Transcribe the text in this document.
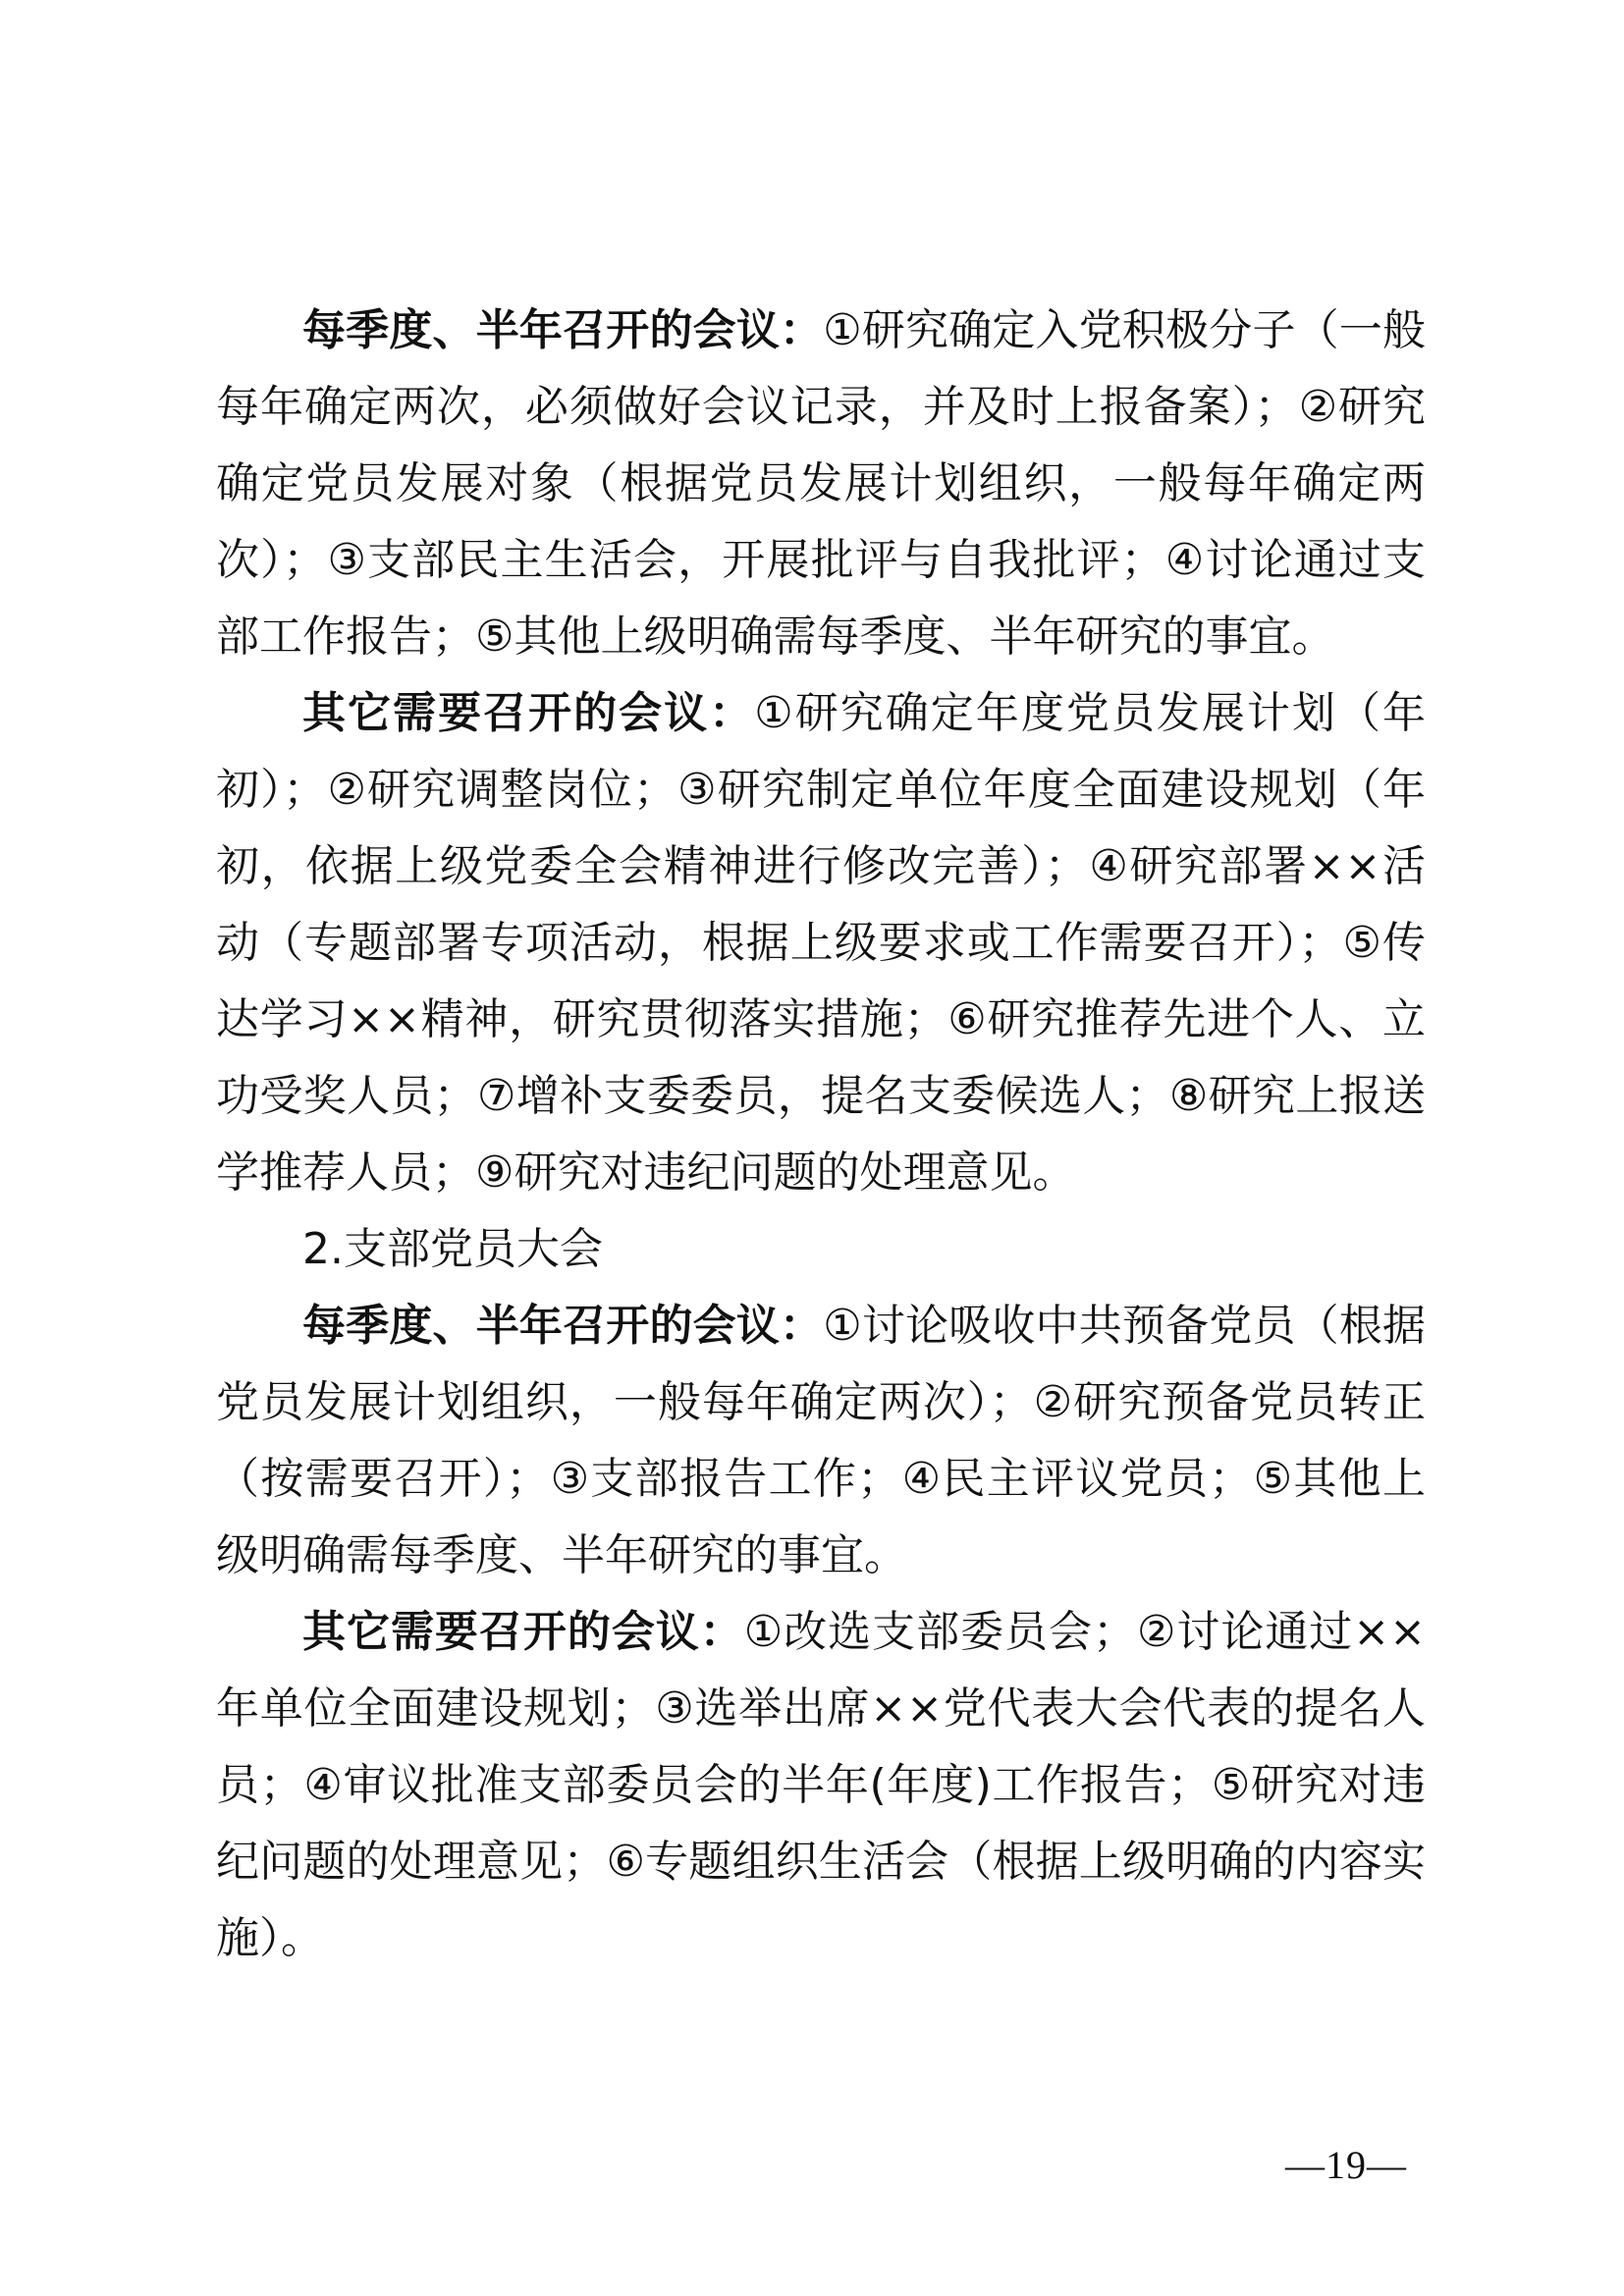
每季度、半年召开的会议：①研究确定入党积极分子（一般每年确定两次，必须做好会议记录，并及时上报备案）；②研究确定党员发展对象（根据党员发展计划组织，一般每年确定两次）；③支部民主生活会，开展批评与自我批评；④讨论通过支部工作报告；⑤其他上级明确需每季度、半年研究的事宜。

其它需要召开的会议：①研究确定年度党员发展计划（年初）；②研究调整岗位；③研究制定单位年度全面建设规划（年初，依据上级党委全会精神进行修改完善）；④研究部署××活动（专题部署专项活动，根据上级要求或工作需要召开）；⑤传达学习××精神，研究贯彻落实措施；⑥研究推荐先进个人、立功受奖人员；⑦增补支委委员，提名支委候选人；⑧研究上报送学推荐人员；⑨研究对违纪问题的处理意见。

2.支部党员大会

每季度、半年召开的会议：①讨论吸收中共预备党员（根据党员发展计划组织，一般每年确定两次）；②研究预备党员转正（按需要召开）；③支部报告工作；④民主评议党员；⑤其他上级明确需每季度、半年研究的事宜。

其它需要召开的会议：①改选支部委员会；②讨论通过××年单位全面建设规划；③选举出席××党代表大会代表的提名人员；④审议批准支部委员会的半年(年度)工作报告；⑤研究对违纪问题的处理意见；⑥专题组织生活会（根据上级明确的内容实施）。

—19—
